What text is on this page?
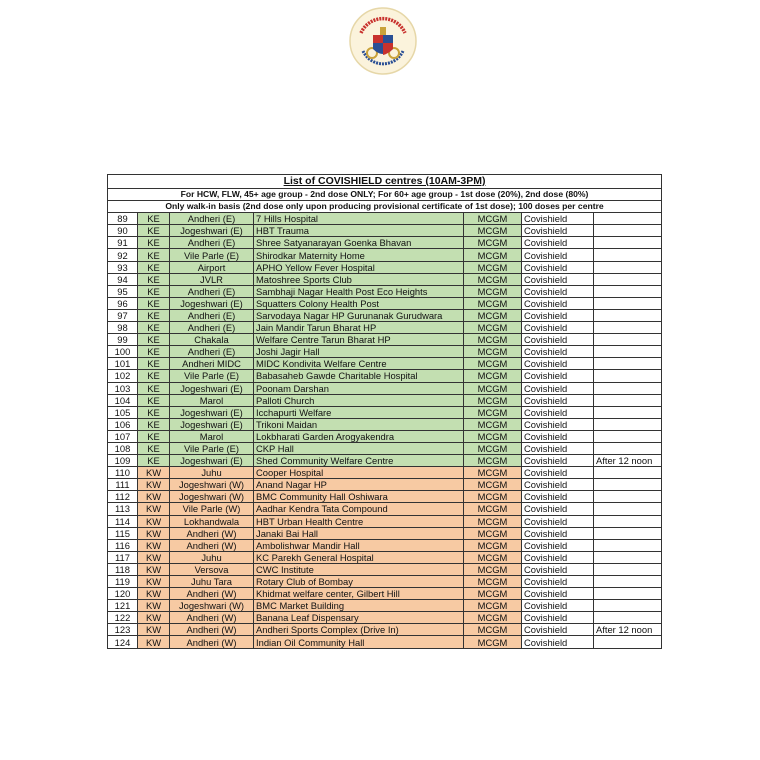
List of COVISHIELD centres (10AM-3PM)						
For HCW, FLW, 45+ age group - 2nd dose ONLY; For 60+ age group - 1st dose (20%), 2nd dose (80%)						
Only walk-in basis (2nd dose only upon producing provisional certificate of 1st dose); 100 doses per centre						
89	KE	Andheri (E)	7 Hills Hospital	MCGM	Covishield	
90	KE	Jogeshwari (E)	HBT Trauma	MCGM	Covishield	
91	KE	Andheri (E)	Shree Satyanarayan Goenka Bhavan	MCGM	Covishield	
92	KE	Vile Parle (E)	Shirodkar Maternity Home	MCGM	Covishield	
93	KE	Airport	APHO Yellow Fever Hospital	MCGM	Covishield	
94	KE	JVLR	Matoshree Sports Club	MCGM	Covishield	
95	KE	Andheri (E)	Sambhaji Nagar Health Post Eco Heights	MCGM	Covishield	
96	KE	Jogeshwari (E)	Squatters Colony Health Post	MCGM	Covishield	
97	KE	Andheri (E)	Sarvodaya Nagar HP Gurunanak Gurudwara	MCGM	Covishield	
98	KE	Andheri (E)	Jain Mandir Tarun Bharat HP	MCGM	Covishield	
99	KE	Chakala	Welfare Centre Tarun Bharat HP	MCGM	Covishield	
100	KE	Andheri (E)	Joshi Jagir Hall	MCGM	Covishield	
101	KE	Andheri MIDC	MIDC Kondivita Welfare Centre	MCGM	Covishield	
102	KE	Vile Parle (E)	Babasaheb Gawde Charitable Hospital	MCGM	Covishield	
103	KE	Jogeshwari (E)	Poonam Darshan	MCGM	Covishield	
104	KE	Marol	Palloti Church	MCGM	Covishield	
105	KE	Jogeshwari (E)	Icchapurti Welfare	MCGM	Covishield	
106	KE	Jogeshwari (E)	Trikoni Maidan	MCGM	Covishield	
107	KE	Marol	Lokbharati Garden Arogyakendra	MCGM	Covishield	
108	KE	Vile Parle (E)	CKP Hall	MCGM	Covishield	
109	KE	Jogeshwari (E)	Shed Community Welfare Centre	MCGM	Covishield	After 12 noon
110	KW	Juhu	Cooper Hospital	MCGM	Covishield	
111	KW	Jogeshwari (W)	Anand Nagar HP	MCGM	Covishield	
112	KW	Jogeshwari (W)	BMC Community Hall Oshiwara	MCGM	Covishield	
113	KW	Vile Parle (W)	Aadhar Kendra Tata Compound	MCGM	Covishield	
114	KW	Lokhandwala	HBT Urban Health Centre	MCGM	Covishield	
115	KW	Andheri (W)	Janaki Bai Hall	MCGM	Covishield	
116	KW	Andheri (W)	Ambolishwar Mandir Hall	MCGM	Covishield	
117	KW	Juhu	KC Parekh General Hospital	MCGM	Covishield	
118	KW	Versova	CWC Institute	MCGM	Covishield	
119	KW	Juhu Tara	Rotary Club of Bombay	MCGM	Covishield	
120	KW	Andheri (W)	Khidmat welfare center, Gilbert Hill	MCGM	Covishield	
121	KW	Jogeshwari (W)	BMC Market Building	MCGM	Covishield	
122	KW	Andheri (W)	Banana Leaf Dispensary	MCGM	Covishield	
123	KW	Andheri (W)	Andheri Sports Complex (Drive In)	MCGM	Covishield	After 12 noon
124	KW	Andheri (W)	Indian Oil Community Hall	MCGM	Covishield	
